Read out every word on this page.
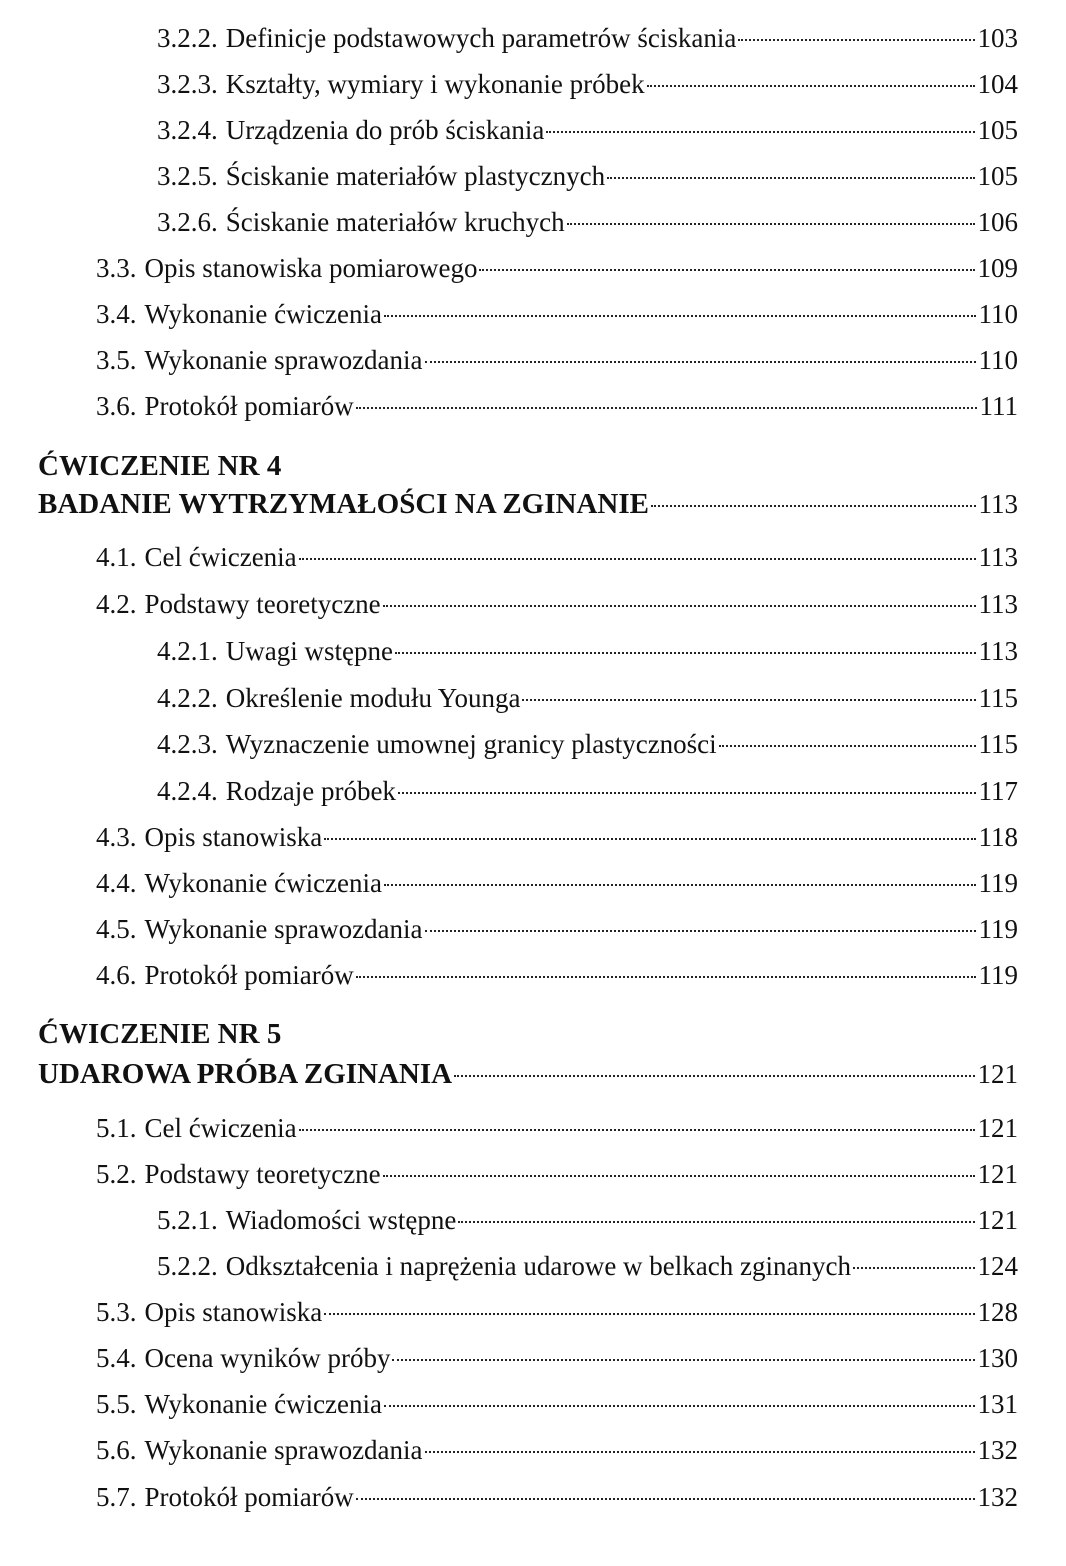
3.2.2. Definicje podstawowych parametrów ściskania	103
3.2.3. Kształty, wymiary i wykonanie próbek	104
3.2.4. Urządzenia do prób ściskania	105
3.2.5. Ściskanie materiałów plastycznych	105
3.2.6. Ściskanie materiałów kruchych	106
3.3. Opis stanowiska pomiarowego	109
3.4. Wykonanie ćwiczenia	110
3.5. Wykonanie sprawozdania	110
3.6. Protokół pomiarów	111
ĆWICZENIE NR 4
BADANIE WYTRZYMAŁOŚCI NA ZGINANIE	113
4.1. Cel ćwiczenia	113
4.2. Podstawy teoretyczne	113
4.2.1. Uwagi wstępne	113
4.2.2. Określenie modułu Younga	115
4.2.3. Wyznaczenie umownej granicy plastyczności	115
4.2.4. Rodzaje próbek	117
4.3. Opis stanowiska	118
4.4. Wykonanie ćwiczenia	119
4.5. Wykonanie sprawozdania	119
4.6. Protokół pomiarów	119
ĆWICZENIE NR 5
UDAROWA PRÓBA ZGINANIA	121
5.1. Cel ćwiczenia	121
5.2. Podstawy teoretyczne	121
5.2.1. Wiadomości wstępne	121
5.2.2. Odkształcenia i naprężenia udarowe w belkach zginanych	124
5.3. Opis stanowiska	128
5.4. Ocena wyników próby	130
5.5. Wykonanie ćwiczenia	131
5.6. Wykonanie sprawozdania	132
5.7. Protokół pomiarów	132
